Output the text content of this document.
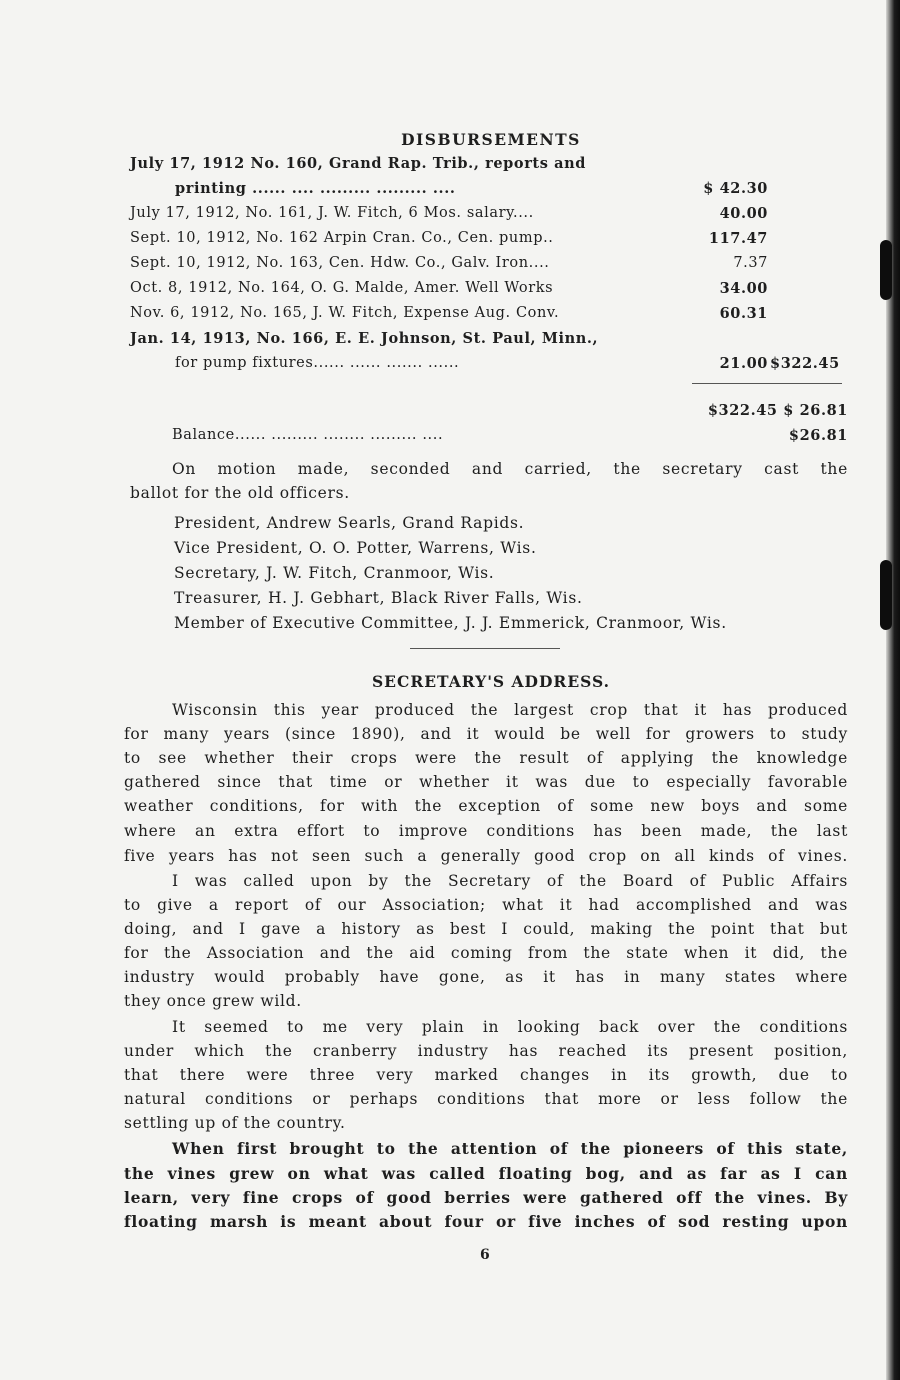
DISBURSEMENTS
July 17, 1912 No. 160, Grand Rap. Trib., reports and
printing ...... .... ......... ......... ....	$ 42.30
July 17, 1912, No. 161, J. W. Fitch, 6 Mos. salary....	40.00
Sept. 10, 1912, No. 162 Arpin Cran. Co., Cen. pump..	117.47
Sept. 10, 1912, No. 163, Cen. Hdw. Co., Galv. Iron....	7.37
Oct. 8, 1912, No. 164, O. G. Malde, Amer. Well Works	34.00
Nov. 6, 1912, No. 165, J. W. Fitch, Expense Aug. Conv.	60.31
Jan. 14, 1913, No. 166, E. E. Johnson, St. Paul, Minn.,
for pump fixtures...... ...... ....... ......	21.00 $322.45
$322.45 $ 26.81
Balance...... ......... ........ ......... ....	$26.81
On motion made, seconded and carried, the secretary cast the
ballot for the old officers.
President, Andrew Searls, Grand Rapids.
Vice President, O. O. Potter, Warrens, Wis.
Secretary, J. W. Fitch, Cranmoor, Wis.
Treasurer, H. J. Gebhart, Black River Falls, Wis.
Member of Executive Committee, J. J. Emmerick, Cranmoor, Wis.
SECRETARY'S ADDRESS.
Wisconsin this year produced the largest crop that it has produced
for many years (since 1890), and it would be well for growers to study
to see whether their crops were the result of applying the knowledge
gathered since that time or whether it was due to especially favorable
weather conditions, for with the exception of some new boys and some
where an extra effort to improve conditions has been made, the last
five years has not seen such a generally good crop on all kinds of vines.
I was called upon by the Secretary of the Board of Public Affairs
to give a report of our Association; what it had accomplished and was
doing, and I gave a history as best I could, making the point that but
for the Association and the aid coming from the state when it did, the
industry would probably have gone, as it has in many states where
they once grew wild.
It seemed to me very plain in looking back over the conditions
under which the cranberry industry has reached its present position,
that there were three very marked changes in its growth, due to
natural conditions or perhaps conditions that more or less follow the
settling up of the country.
When first brought to the attention of the pioneers of this state,
the vines grew on what was called floating bog, and as far as I can
learn, very fine crops of good berries were gathered off the vines. By
floating marsh is meant about four or five inches of sod resting upon
6
